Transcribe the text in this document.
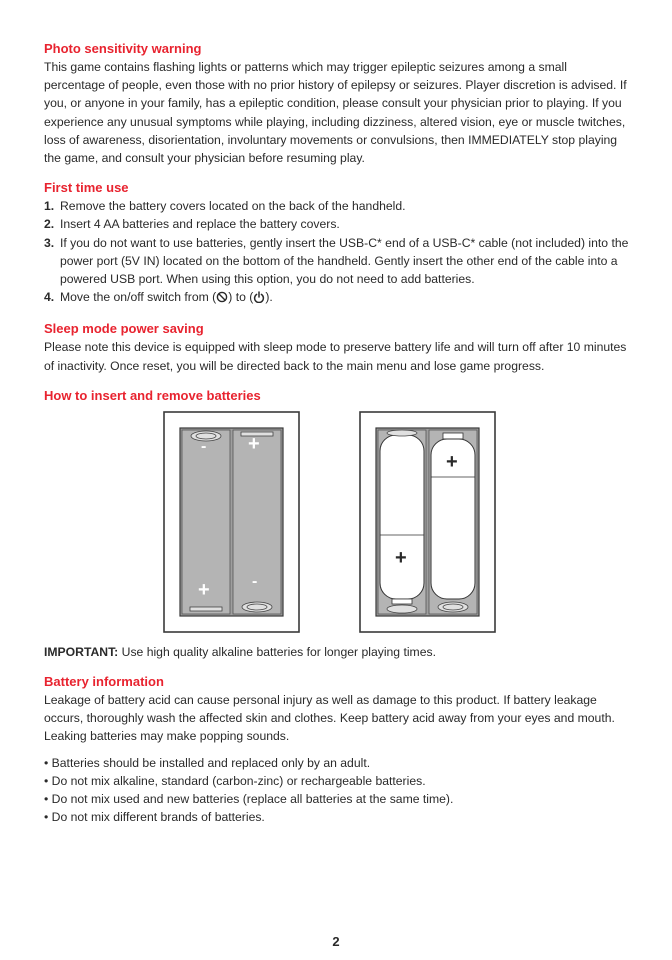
Photo sensitivity warning

This game contains flashing lights or patterns which may trigger epileptic seizures among a small percentage of people, even those with no prior history of epilepsy or seizures. Player discretion is advised. If you, or anyone in your family, has a epileptic condition, please consult your physician prior to playing. If you experience any unusual symptoms while playing, including dizziness, altered vision, eye or muscle twitches, loss of awareness, disorientation, involuntary movements or convulsions, then IMMEDIATELY stop playing the game, and consult your physician before resuming play.

First time use
1. Remove the battery covers located on the back of the handheld.
2. Insert 4 AA batteries and replace the battery covers.
3. If you do not want to use batteries, gently insert the USB-C* end of a USB-C* cable (not included) into the power port (5V IN) located on the bottom of the handheld. Gently insert the other end of the cable into a powered USB port. When using this option, you do not need to add batteries.
4. Move the on/off switch from ( ) to ( ).
Sleep mode power saving

Please note this device is equipped with sleep mode to preserve battery life and will turn off after 10 minutes of inactivity. Once reset, you will be directed back to the main menu and lose game progress.

How to insert and remove batteries
- +
+	-
+
+

IMPORTANT: Use high quality alkaline batteries for longer playing times.

Battery information

Leakage of battery acid can cause personal injury as well as damage to this product. If battery leakage occurs, thoroughly wash the affected skin and clothes. Keep battery acid away from your eyes and mouth. Leaking batteries may make popping sounds.

• Batteries should be installed and replaced only by an adult.
• Do not mix alkaline, standard (carbon-zinc) or rechargeable batteries.
• Do not mix used and new batteries (replace all batteries at the same time).
• Do not mix different brands of batteries.
2
